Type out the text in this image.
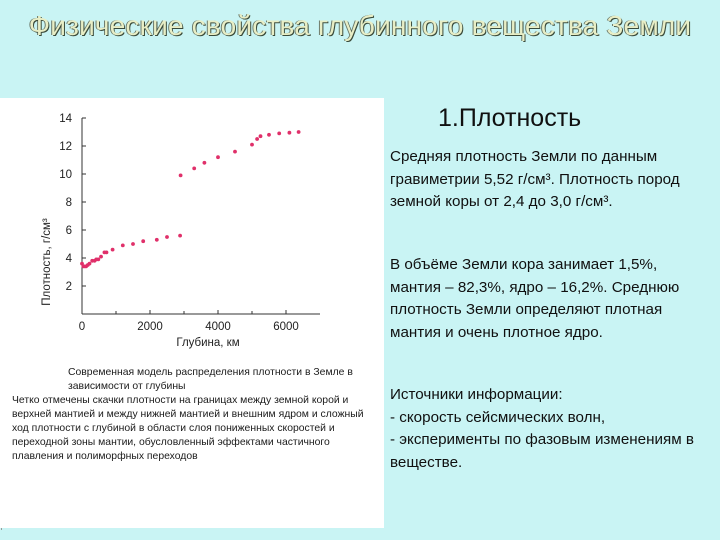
Физические свойства глубинного вещества Земли
2
4
6
8
10
12
14
0	2000	4000	6000
Глубина, км
Плотность, г/см³
Современная модель распределения плотности в Земле в зависимости от глубины
Четко отмечены скачки плотности на границах между земной корой и верхней мантией и между нижней мантией и внешним ядром и сложный ход плотности с глубиной в области слоя пониженных скоростей и переходной зоны мантии, обусловленный эффектами частичного плавления и полиморфных переходов
1.Плотность
Средняя плотность Земли по данным гравиметрии 5,52 г/см³. Плотность пород земной коры от 2,4 до 3,0 г/см³.
В объёме Земли кора занимает 1,5%, мантия – 82,3%, ядро – 16,2%. Среднюю плотность Земли определяют плотная мантия и очень плотное ядро.
Источники информации:
- скорость сейсмических волн,
- эксперименты по фазовым изменениям в веществе.
